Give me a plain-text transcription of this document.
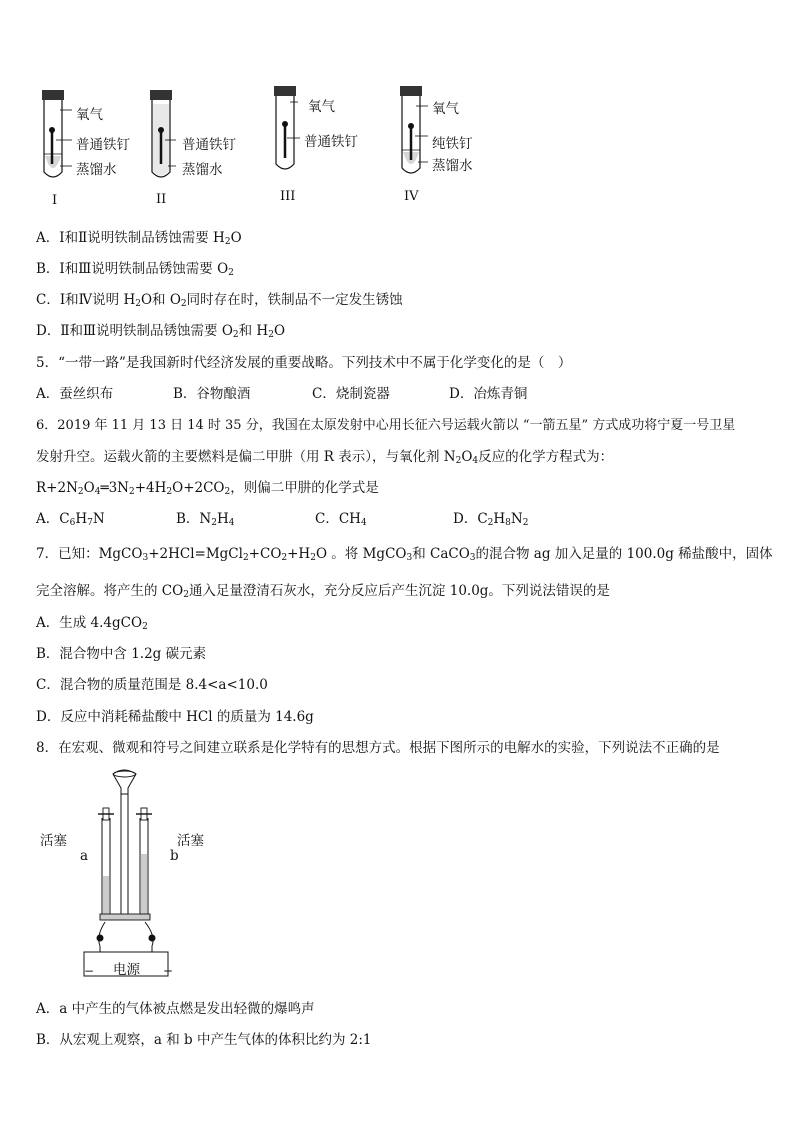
氧气
普通铁钉
蒸馏水
I
普通铁钉
蒸馏水
II
氧气
普通铁钉
III
氧气
纯铁钉
蒸馏水
IV
A．I和Ⅱ说明铁制品锈蚀需要 $H_2O$
B．I和Ⅲ说明铁制品锈蚀需要 $O_2$
C．I和Ⅳ说明 $H_2O$和 $O_2$同时存在时，铁制品不一定发生锈蚀
D．Ⅱ和Ⅲ说明铁制品锈蚀需要 $O_2$和 $H_2O$
5．“一带一路”是我国新时代经济发展的重要战略。下列技术中不属于化学变化的是（　）
A．蚕丝织布	B．谷物酿酒	C．烧制瓷器	D．冶炼青铜
6．2019 年 11 月 13 日 14 时 35 分，我国在太原发射中心用长征六号运载火箭以 “一箭五星” 方式成功将宁夏一号卫星
发射升空。运载火箭的主要燃料是偏二甲肼（用 R 表示），与氧化剂 $N_2O_4$反应的化学方程式为：
$R+2N_2O_4═3N_2+4H_2O+2CO_2$，则偏二甲肼的化学式是
A．$C_6H_7N$	B．$N_2H_4$	C．$CH_4$	D．$C_2H_8N_2$
7．已知：$MgCO_3+2HCl=MgCl_2+CO_2+H_2O$ 。将 MgCO$_3$和 CaCO$_3$的混合物 ag 加入足量的 100.0g 稀盐酸中，固体
完全溶解。将产生的 $CO_2$通入足量澄清石灰水，充分反应后产生沉淀 10.0g。下列说法错误的是
A．生成 4.4gCO$_2$
B．混合物中含 1.2g 碳元素
C．混合物的质量范围是 8.4<a<10.0
D．反应中消耗稀盐酸中 HCl 的质量为 14.6g
8．在宏观、微观和符号之间建立联系是化学特有的思想方式。根据下图所示的电解水的实验，下列说法不正确的是
活塞	活塞
a	b
电源
−	+
A．a 中产生的气体被点燃是发出轻微的爆鸣声
B．从宏观上观察，a 和 b 中产生气体的体积比约为 2:1
